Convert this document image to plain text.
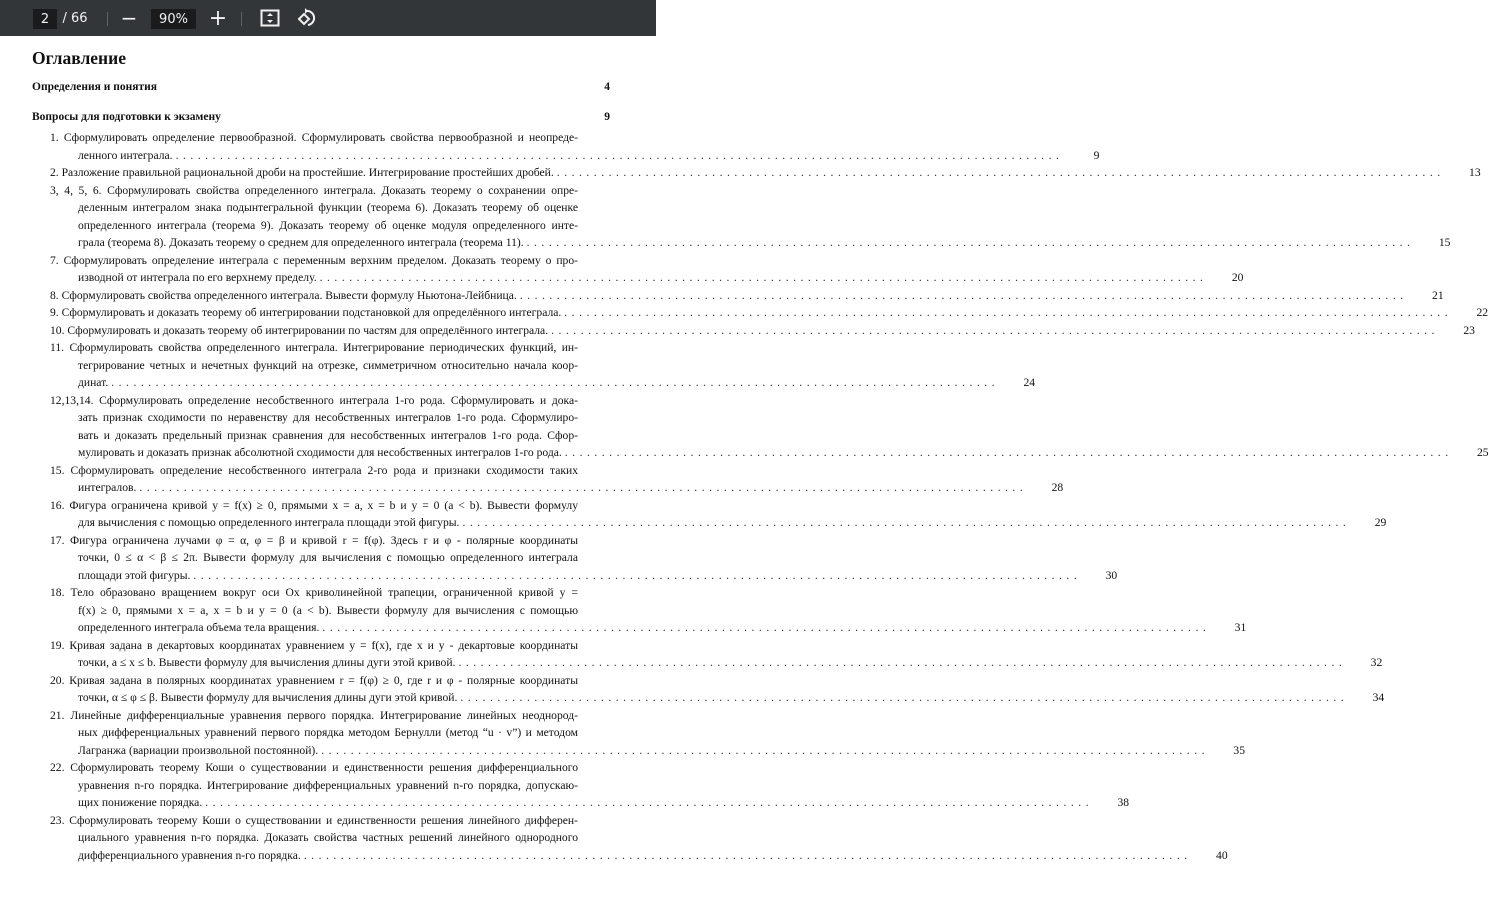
2	/ 66 −	90% +
Оглавление
Определения и понятия	4
Вопросы для подготовки к экзамену	9
1. Сформулировать определение первообразной. Сформулировать свойства первообразной и неопреде-
ленного интеграла. ........................................................................................................................	9
2. Разложение правильной рациональной дроби на простейшие. Интегрирование простейших дробей. ........................................................................................................................	13
3, 4, 5, 6. Сформулировать свойства определенного интеграла. Доказать теорему о сохранении опре-
деленным интегралом знака подынтегральной функции (теорема 6). Доказать теорему об оценке
определенного интеграла (теорема 9). Доказать теорему об оценке модуля определенного инте-
грала (теорема 8). Доказать теорему о среднем для определенного интеграла (теорема 11). ........................................................................................................................	15
7. Сформулировать определение интеграла с переменным верхним пределом. Доказать теорему о про-
изводной от интеграла по его верхнему пределу. ........................................................................................................................	20
8. Сформулировать свойства определенного интеграла. Вывести формулу Ньютона-Лейбница. ........................................................................................................................	21
9. Сформулировать и доказать теорему об интегрировании подстановкой для определённого интеграла. ........................................................................................................................	22
10. Сформулировать и доказать теорему об интегрировании по частям для определённого интеграла. ........................................................................................................................	23
11. Сформулировать свойства определенного интеграла. Интегрирование периодических функций, ин-
тегрирование четных и нечетных функций на отрезке, симметричном относительно начала коор-
динат. ........................................................................................................................	24
12,13,14. Сформулировать определение несобственного интеграла 1-го рода. Сформулировать и дока-
зать признак сходимости по неравенству для несобственных интегралов 1-го рода. Сформулиро-
вать и доказать предельный признак сравнения для несобственных интегралов 1-го рода. Сфор-
мулировать и доказать признак абсолютной сходимости для несобственных интегралов 1-го рода. ........................................................................................................................	25
15. Сформулировать определение несобственного интеграла 2-го рода и признаки сходимости таких
интегралов. ........................................................................................................................	28
16. Фигура ограничена кривой y = f(x) ≥ 0, прямыми x = a, x = b и y = 0 (a < b). Вывести формулу
для вычисления с помощью определенного интеграла площади этой фигуры. ........................................................................................................................	29
17. Фигура ограничена лучами φ = α, φ = β и кривой r = f(φ). Здесь r и φ - полярные координаты
точки, 0 ≤ α < β ≤ 2π. Вывести формулу для вычисления с помощью определенного интеграла
площади этой фигуры. ........................................................................................................................	30
18. Тело образовано вращением вокруг оси Ox криволинейной трапеции, ограниченной кривой y =
f(x) ≥ 0, прямыми x = a, x = b и y = 0 (a < b). Вывести формулу для вычисления с помощью
определенного интеграла объема тела вращения. ........................................................................................................................	31
19. Кривая задана в декартовых координатах уравнением y = f(x), где x и y - декартовые координаты
точки, a ≤ x ≤ b. Вывести формулу для вычисления длины дуги этой кривой. ........................................................................................................................	32
20. Кривая задана в полярных координатах уравнением r = f(φ) ≥ 0, где r и φ - полярные координаты
точки, α ≤ φ ≤ β. Вывести формулу для вычисления длины дуги этой кривой. ........................................................................................................................	34
21. Линейные дифференциальные уравнения первого порядка. Интегрирование линейных неоднород-
ных дифференциальных уравнений первого порядка методом Бернулли (метод “u · v”) и методом
Лагранжа (вариации произвольной постоянной). ........................................................................................................................	35
22. Сформулировать теорему Коши о существовании и единственности решения дифференциального
уравнения n-го порядка. Интегрирование дифференциальных уравнений n-го порядка, допускаю-
щих понижение порядка. ........................................................................................................................	38
23. Сформулировать теорему Коши о существовании и единственности решения линейного дифферен-
циального уравнения n-го порядка. Доказать свойства частных решений линейного однородного
дифференциального уравнения n-го порядка. ........................................................................................................................	40
